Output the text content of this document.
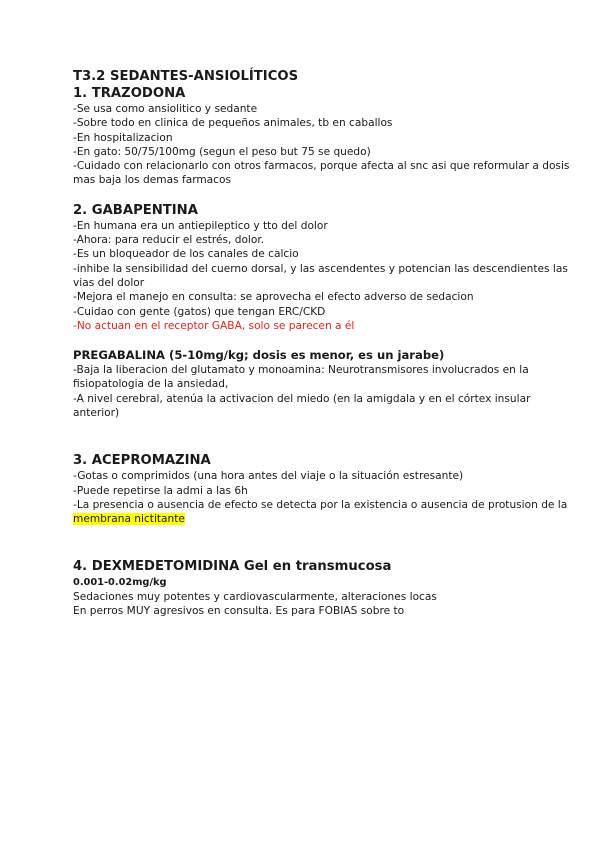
T3.2 SEDANTES-ANSIOLÍTICOS

1. TRAZODONA

-Se usa como ansiolitico y sedante

-Sobre todo en clinica de pequeños animales, tb en caballos

-En hospitalizacion

-En gato: 50/75/100mg (segun el peso but 75 se quedo)

-Cuidado con relacionarlo con otros farmacos, porque afecta al snc asi que reformular a dosis mas baja los demas farmacos

2. GABAPENTINA

-En humana era un antiepileptico y tto del dolor

-Ahora: para reducir el estrés, dolor.

-Es un bloqueador de los canales de calcio

-inhibe la sensibilidad del cuerno dorsal, y las ascendentes y potencian las descendientes las vias del dolor

-Mejora el manejo en consulta: se aprovecha el efecto adverso de sedacion

-Cuidao con gente (gatos) que tengan ERC/CKD

-No actuan en el receptor GABA, solo se parecen a él

PREGABALINA (5-10mg/kg; dosis es menor, es un jarabe)

-Baja la liberacion del glutamato y monoamina: Neurotransmisores involucrados en la fisiopatologia de la ansiedad,

-A nivel cerebral, atenúa la activacion del miedo (en la amigdala y en el córtex insular anterior)

3. ACEPROMAZINA

-Gotas o comprimidos (una hora antes del viaje o la situación estresante)

-Puede repetirse la admi a las 6h

-La presencia o ausencia de efecto se detecta por la existencia o ausencia de protusion de la membrana nictitante

4. DEXMEDETOMIDINA Gel en transmucosa

0.001-0.02mg/kg

Sedaciones muy potentes y cardiovascularmente, alteraciones locas

En perros MUY agresivos en consulta. Es para FOBIAS sobre to
